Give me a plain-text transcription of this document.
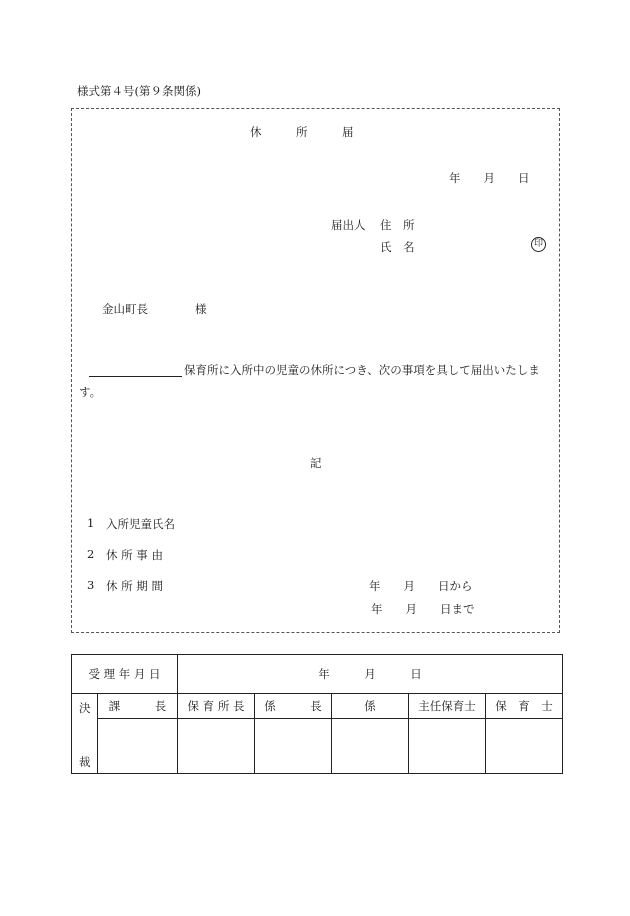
様式第４号(第９条関係)
休　　　所　　　届
年　　月　　日
届出人 住　所
氏　名	印
金山町長	様
保育所に入所中の児童の休所につき、次の事項を具して届出いたしま
す。
記
1 入所児童氏名
2 休 所 事 由
3 休 所 期 間	年　　月　　日から
年　　月　　日まで
受 理 年 月 日		年　　　月　　　日				

決
裁	課　　　長	保 育 所 長	係　　　長	係	主任保育士	保　育　士
